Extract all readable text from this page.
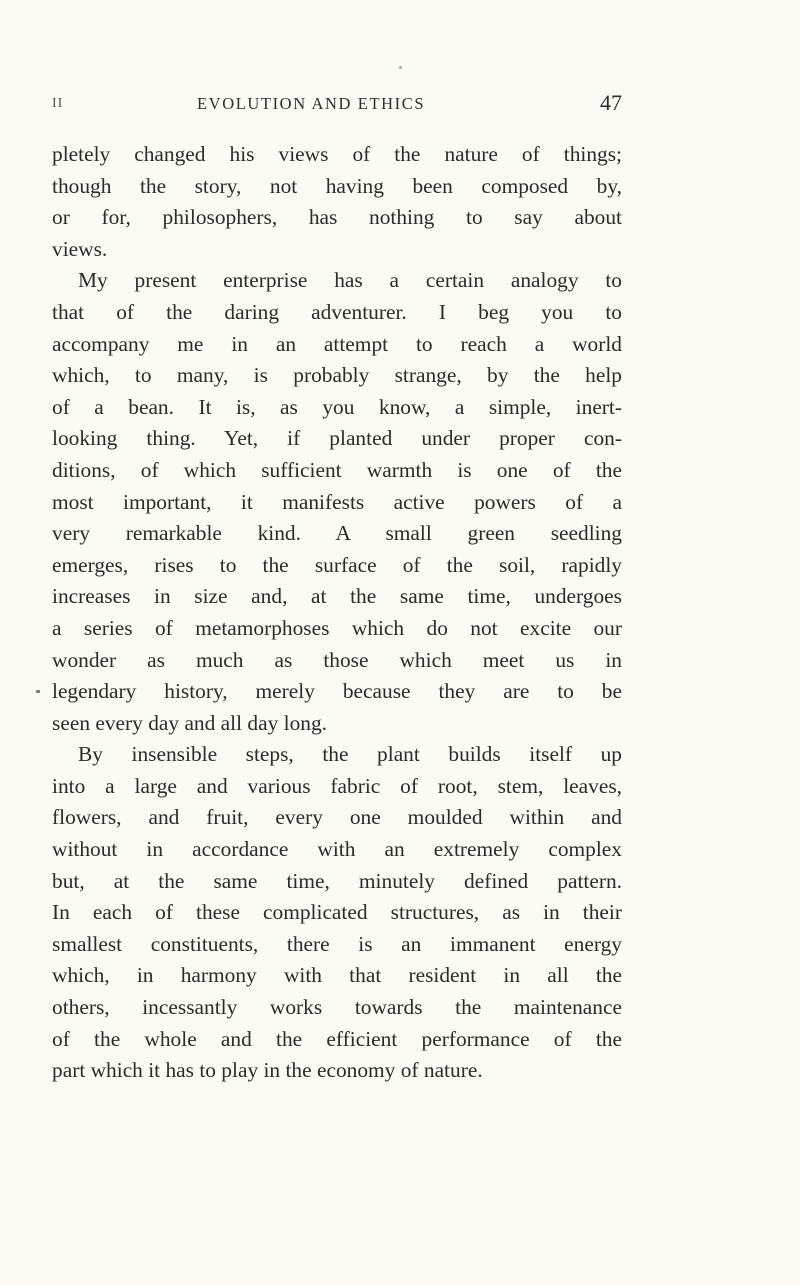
II	EVOLUTION AND ETHICS	47
pletely changed his views of the nature of things;
though the story, not having been composed by,
or for, philosophers, has nothing to say about
views.
My present enterprise has a certain analogy to
that of the daring adventurer. I beg you to
accompany me in an attempt to reach a world
which, to many, is probably strange, by the help
of a bean. It is, as you know, a simple, inert-
looking thing. Yet, if planted under proper con-
ditions, of which sufficient warmth is one of the
most important, it manifests active powers of a
very remarkable kind. A small green seedling
emerges, rises to the surface of the soil, rapidly
increases in size and, at the same time, undergoes
a series of metamorphoses which do not excite our
wonder as much as those which meet us in
legendary history, merely because they are to be
seen every day and all day long.
By insensible steps, the plant builds itself up
into a large and various fabric of root, stem, leaves,
flowers, and fruit, every one moulded within and
without in accordance with an extremely complex
but, at the same time, minutely defined pattern.
In each of these complicated structures, as in their
smallest constituents, there is an immanent energy
which, in harmony with that resident in all the
others, incessantly works towards the maintenance
of the whole and the efficient performance of the
part which it has to play in the economy of nature.
